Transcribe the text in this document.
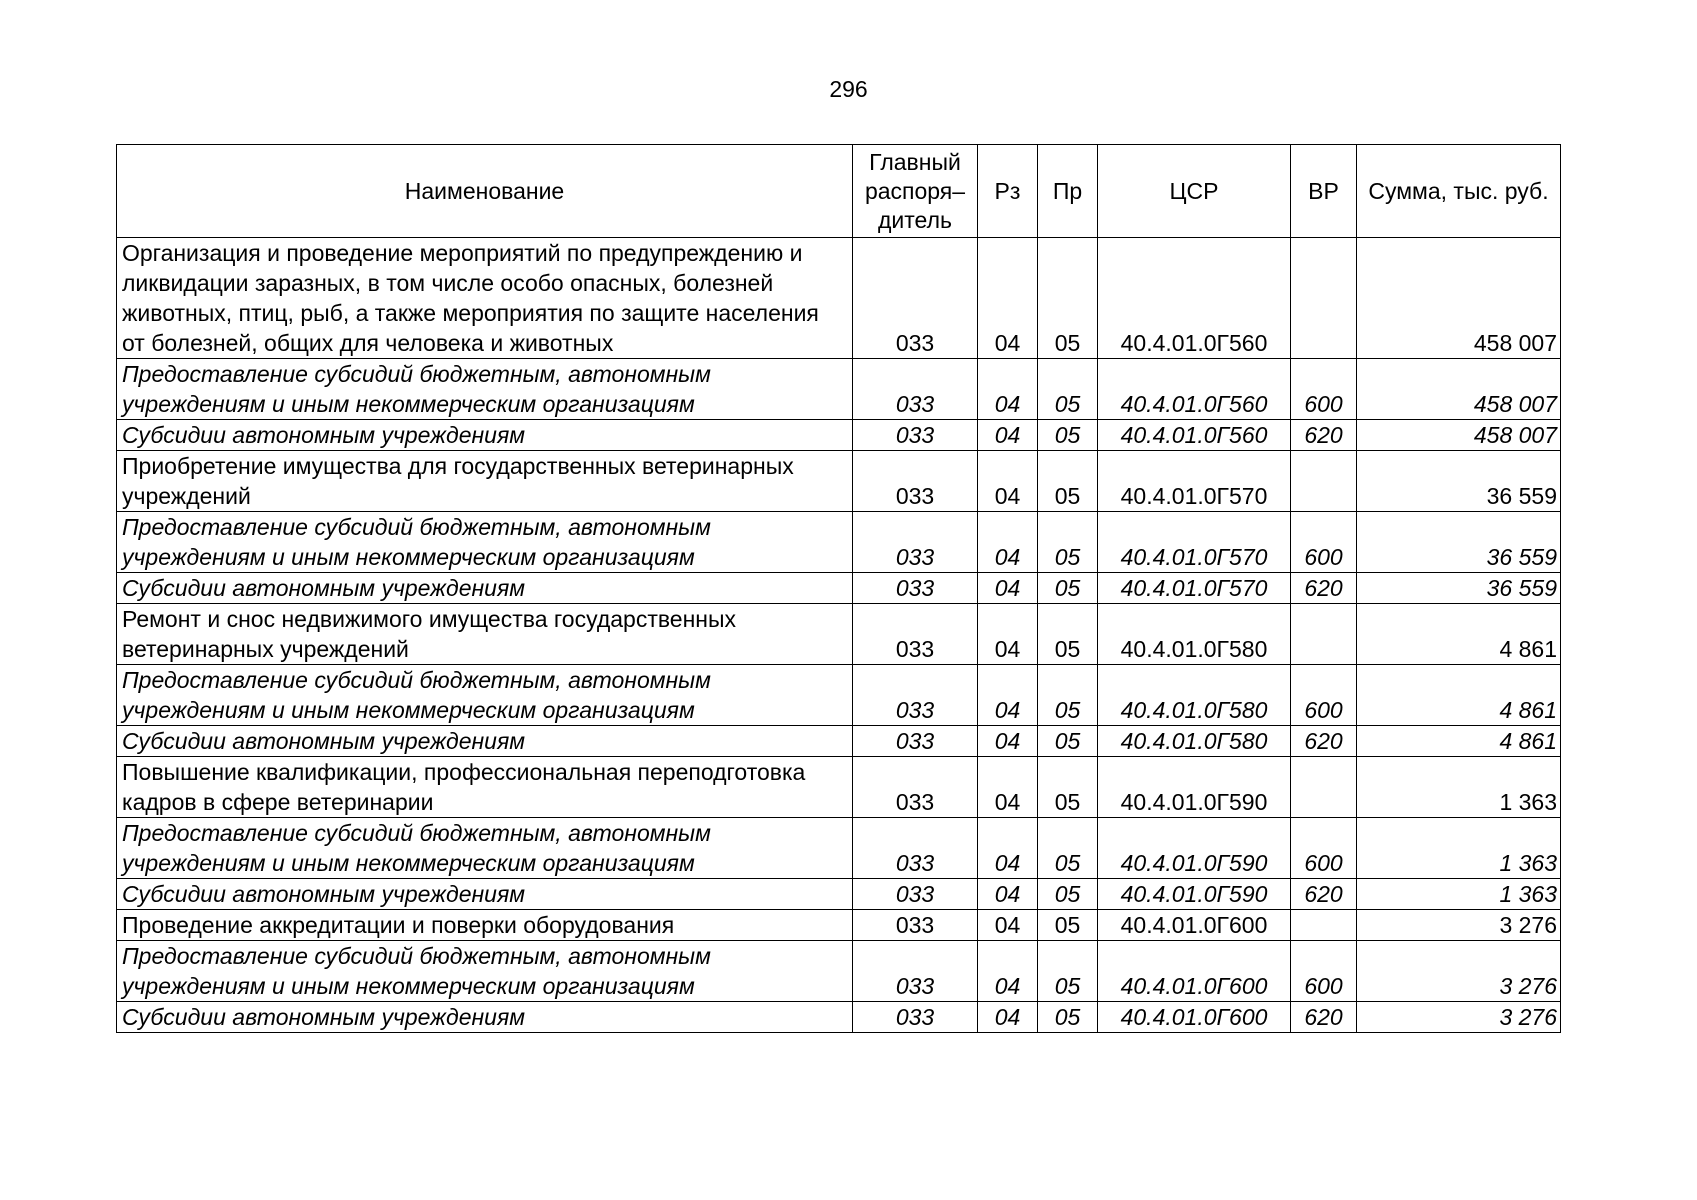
296
Наименование	Главный распоря– дитель	Рз	Пр	ЦСР	ВР	Сумма, тыс. руб.
Организация и проведение мероприятий по предупреждению и ликвидации заразных, в том числе особо опасных, болезней животных, птиц, рыб, а также мероприятия по защите населения от болезней, общих для человека и животных	033	04	05	40.4.01.0Г560		458 007
Предоставление субсидий бюджетным, автономным учреждениям и иным некоммерческим организациям	033	04	05	40.4.01.0Г560	600	458 007
Субсидии автономным учреждениям	033	04	05	40.4.01.0Г560	620	458 007
Приобретение имущества для государственных ветеринарных учреждений	033	04	05	40.4.01.0Г570		36 559
Предоставление субсидий бюджетным, автономным учреждениям и иным некоммерческим организациям	033	04	05	40.4.01.0Г570	600	36 559
Субсидии автономным учреждениям	033	04	05	40.4.01.0Г570	620	36 559
Ремонт и снос недвижимого имущества государственных ветеринарных учреждений	033	04	05	40.4.01.0Г580		4 861
Предоставление субсидий бюджетным, автономным учреждениям и иным некоммерческим организациям	033	04	05	40.4.01.0Г580	600	4 861
Субсидии автономным учреждениям	033	04	05	40.4.01.0Г580	620	4 861
Повышение квалификации, профессиональная переподготовка кадров в сфере ветеринарии	033	04	05	40.4.01.0Г590		1 363
Предоставление субсидий бюджетным, автономным учреждениям и иным некоммерческим организациям	033	04	05	40.4.01.0Г590	600	1 363
Субсидии автономным учреждениям	033	04	05	40.4.01.0Г590	620	1 363
Проведение аккредитации и поверки оборудования	033	04	05	40.4.01.0Г600		3 276
Предоставление субсидий бюджетным, автономным учреждениям и иным некоммерческим организациям	033	04	05	40.4.01.0Г600	600	3 276
Субсидии автономным учреждениям	033	04	05	40.4.01.0Г600	620	3 276
